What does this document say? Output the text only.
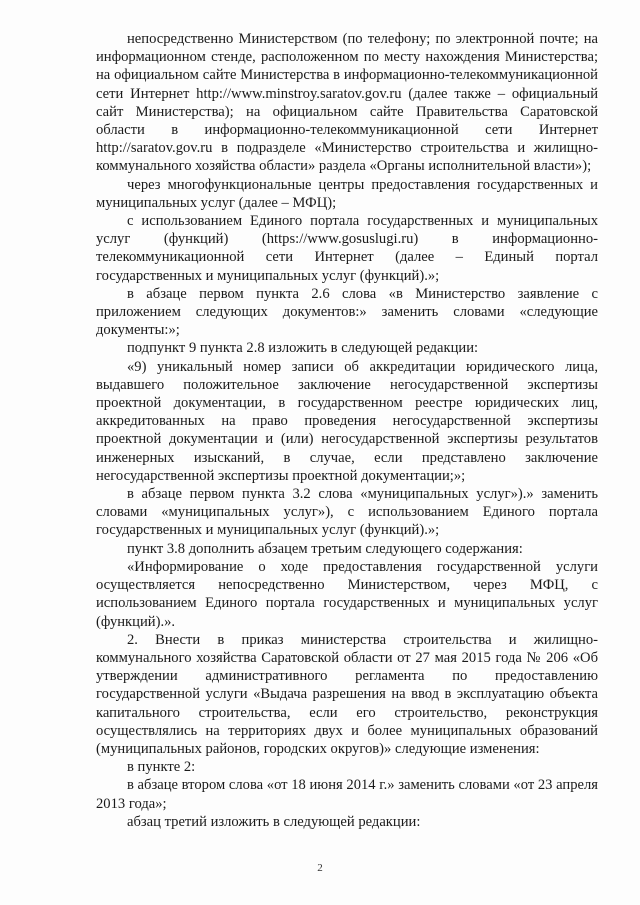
непосредственно Министерством (по телефону; по электронной почте; на информационном стенде, расположенном по месту нахождения Министерства; на официальном сайте Министерства в информационно-телекоммуникационной сети Интернет http://www.minstroy.saratov.gov.ru (далее также – официальный сайт Министерства); на официальном сайте Правительства Саратовской области в информационно-телекоммуникационной сети Интернет http://saratov.gov.ru в подразделе «Министерство строительства и жилищно-коммунального хозяйства области» раздела «Органы исполнительной власти»);

через многофункциональные центры предоставления государственных и муниципальных услуг (далее – МФЦ);

с использованием Единого портала государственных и муниципальных услуг (функций) (https://www.gosuslugi.ru) в информационно-телекоммуникационной сети Интернет (далее – Единый портал государственных и муниципальных услуг (функций).»;

в абзаце первом пункта 2.6 слова «в Министерство заявление с приложением следующих документов:» заменить словами «следующие документы:»;

подпункт 9 пункта 2.8 изложить в следующей редакции:

«9) уникальный номер записи об аккредитации юридического лица, выдавшего положительное заключение негосударственной экспертизы проектной документации, в государственном реестре юридических лиц, аккредитованных на право проведения негосударственной экспертизы проектной документации и (или) негосударственной экспертизы результатов инженерных изысканий, в случае, если представлено заключение негосударственной экспертизы проектной документации;»;

в абзаце первом пункта 3.2 слова «муниципальных услуг»).» заменить словами «муниципальных услуг»), с использованием Единого портала государственных и муниципальных услуг (функций).»;

пункт 3.8 дополнить абзацем третьим следующего содержания:

«Информирование о ходе предоставления государственной услуги осуществляется непосредственно Министерством, через МФЦ, с использованием Единого портала государственных и муниципальных услуг (функций).».

2. Внести в приказ министерства строительства и жилищно-коммунального хозяйства Саратовской области от 27 мая 2015 года № 206 «Об утверждении административного регламента по предоставлению государственной услуги «Выдача разрешения на ввод в эксплуатацию объекта капитального строительства, если его строительство, реконструкция осуществлялись на территориях двух и более муниципальных образований (муниципальных районов, городских округов)» следующие изменения:

в пункте 2:

в абзаце втором слова «от 18 июня 2014 г.» заменить словами «от 23 апреля 2013 года»;

абзац третий изложить в следующей редакции:

2
